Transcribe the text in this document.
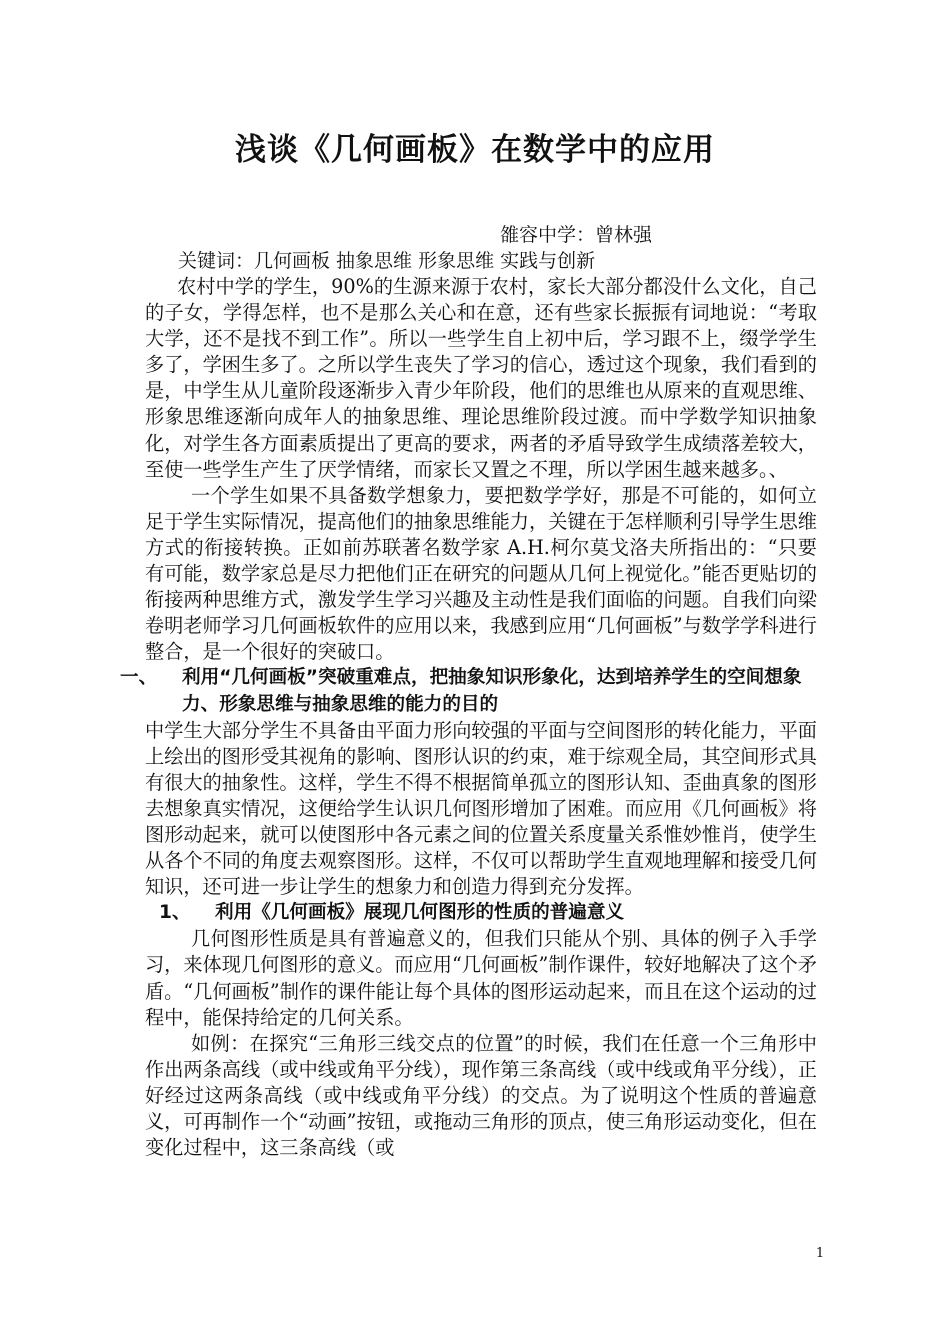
浅谈《几何画板》在数学中的应用
雒容中学：曾林强
关键词：几何画板 抽象思维 形象思维 实践与创新

农村中学的学生，90%的生源来源于农村，家长大部分都没什么文化，自己的子女，学得怎样，也不是那么关心和在意，还有些家长振振有词地说：“考取大学，还不是找不到工作”。所以一些学生自上初中后，学习跟不上，缀学学生多了，学困生多了。之所以学生丧失了学习的信心，透过这个现象，我们看到的是，中学生从儿童阶段逐渐步入青少年阶段，他们的思维也从原来的直观思维、形象思维逐渐向成年人的抽象思维、理论思维阶段过渡。而中学数学知识抽象化，对学生各方面素质提出了更高的要求，两者的矛盾导致学生成绩落差较大，至使一些学生产生了厌学情绪，而家长又置之不理，所以学困生越来越多。、

一个学生如果不具备数学想象力，要把数学学好，那是不可能的，如何立足于学生实际情况，提高他们的抽象思维能力，关键在于怎样顺利引导学生思维方式的衔接转换。正如前苏联著名数学家 A.H.柯尔莫戈洛夫所指出的：“只要有可能，数学家总是尽力把他们正在研究的问题从几何上视觉化。”能否更贴切的衔接两种思维方式，激发学生学习兴趣及主动性是我们面临的问题。自我们向梁卷明老师学习几何画板软件的应用以来，我感到应用“几何画板”与数学学科进行整合，是一个很好的突破口。

一、 利用“几何画板”突破重难点，把抽象知识形象化，达到培养学生的空间想象力、形象思维与抽象思维的能力的目的

中学生大部分学生不具备由平面力形向较强的平面与空间图形的转化能力，平面上绘出的图形受其视角的影响、图形认识的约束，难于综观全局，其空间形式具有很大的抽象性。这样，学生不得不根据简单孤立的图形认知、歪曲真象的图形去想象真实情况，这便给学生认识几何图形增加了困难。而应用《几何画板》将图形动起来，就可以使图形中各元素之间的位置关系度量关系惟妙惟肖，使学生从各个不同的角度去观察图形。这样，不仅可以帮助学生直观地理解和接受几何知识，还可进一步让学生的想象力和创造力得到充分发挥。

1、 利用《几何画板》展现几何图形的性质的普遍意义

几何图形性质是具有普遍意义的，但我们只能从个别、具体的例子入手学习，来体现几何图形的意义。而应用“几何画板”制作课件，较好地解决了这个矛盾。“几何画板”制作的课件能让每个具体的图形运动起来，而且在这个运动的过程中，能保持给定的几何关系。

如例：在探究“三角形三线交点的位置”的时候，我们在任意一个三角形中作出两条高线（或中线或角平分线），现作第三条高线（或中线或角平分线），正好经过这两条高线（或中线或角平分线）的交点。为了说明这个性质的普遍意义，可再制作一个“动画”按钮，或拖动三角形的顶点，使三角形运动变化，但在变化过程中，这三条高线（或

1
